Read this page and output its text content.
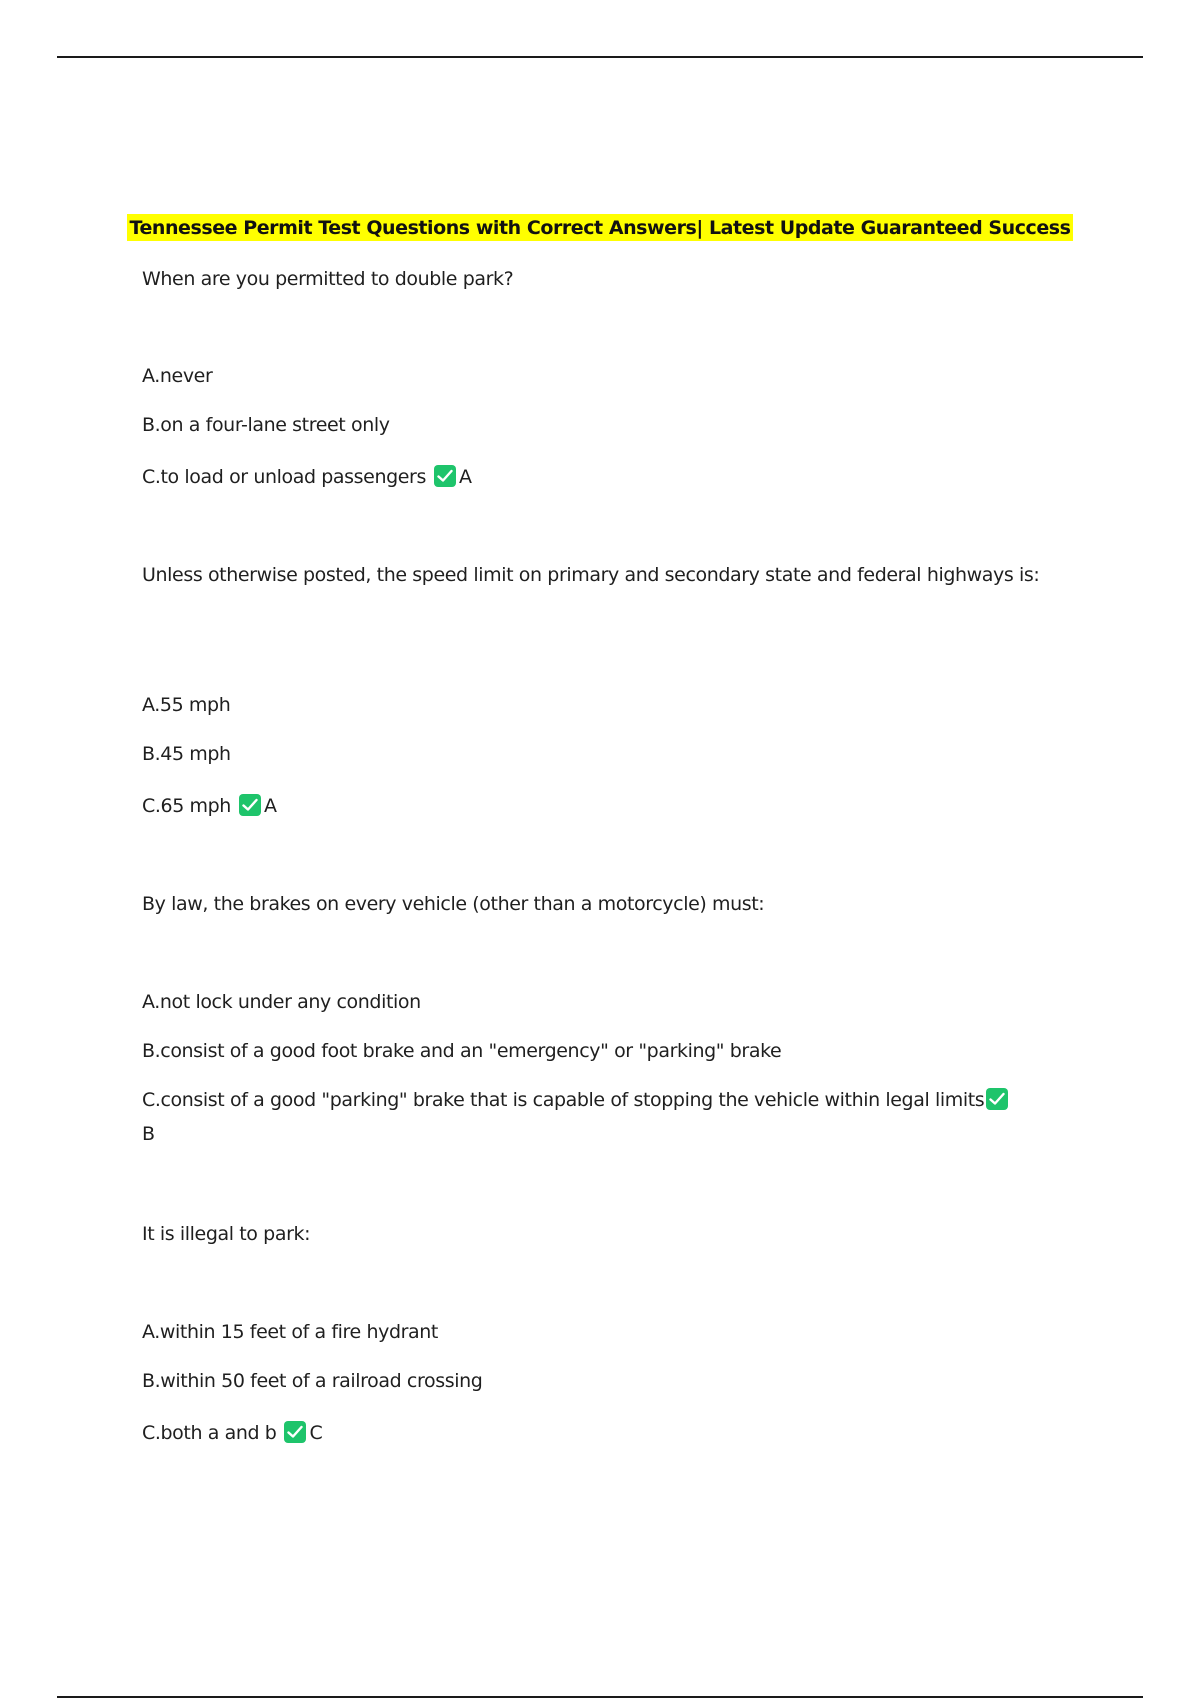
Tennessee Permit Test Questions with Correct Answers| Latest Update Guaranteed Success
When are you permitted to double park?
A.never
B.on a four-lane street only
C.to load or unload passengers A
Unless otherwise posted, the speed limit on primary and secondary state and federal highways is:
A.55 mph
B.45 mph
C.65 mph A
By law, the brakes on every vehicle (other than a motorcycle) must:
A.not lock under any condition
B.consist of a good foot brake and an "emergency" or "parking" brake
C.consist of a good "parking" brake that is capable of stopping the vehicle within legal limits
B
It is illegal to park:
A.within 15 feet of a fire hydrant
B.within 50 feet of a railroad crossing
C.both a and b C
